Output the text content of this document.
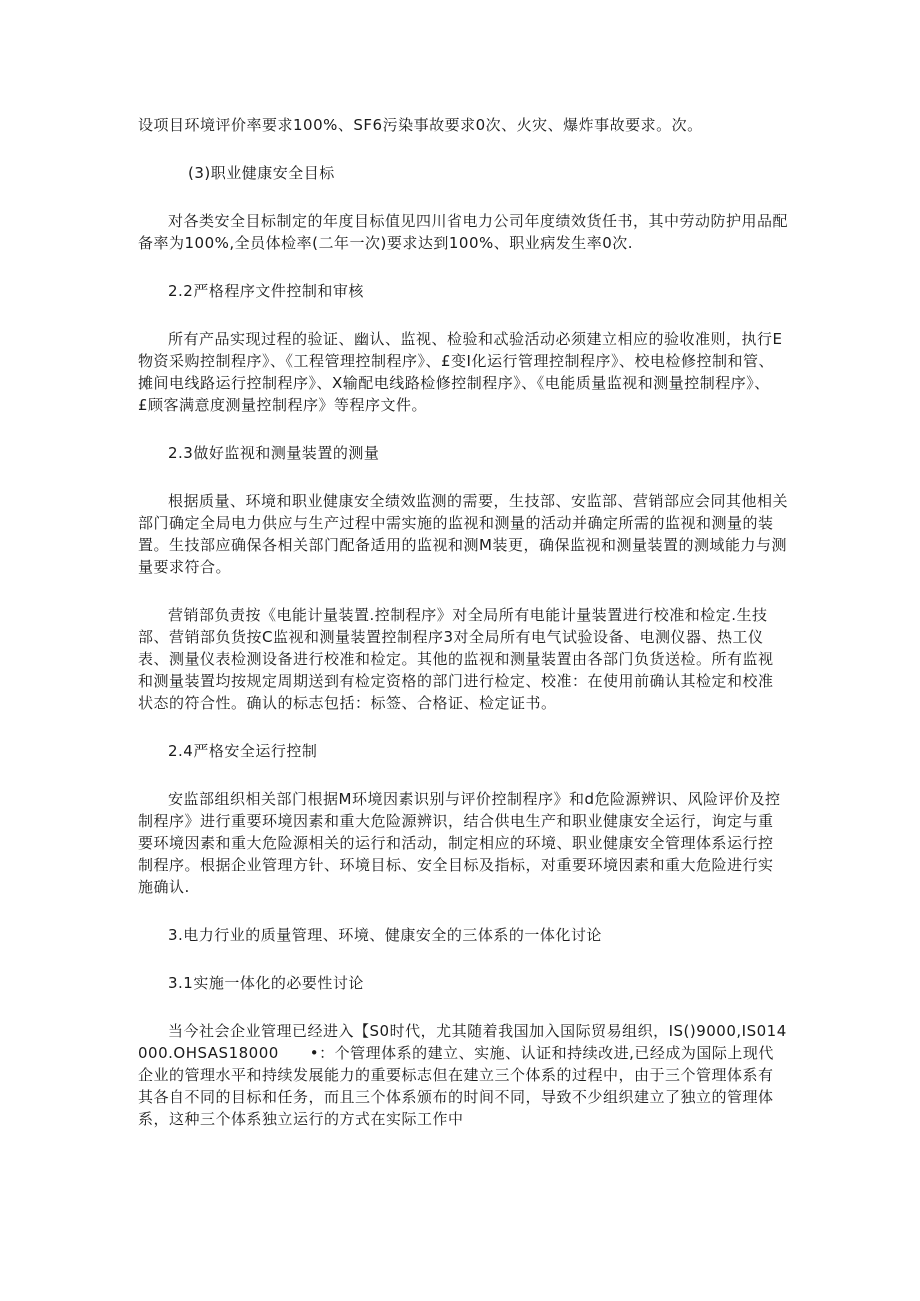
设项目环境评价率要求100%、SF6污染事故要求0次、火灾、爆炸事故要求。次。

(3)职业健康安全目标

对各类安全目标制定的年度目标值见四川省电力公司年度绩效货任书，其中劳动防护用品配备率为100%,全员体检率(二年一次)要求达到100%、职业病发生率0次.

2.2严格程序文件控制和审核

所有产品实现过程的验证、幽认、监视、检验和忒验活动必须建立相应的验收准则，执行E物资采购控制程序》、《工程管理控制程序》、£变I化运行管理控制程序》、校电检修控制和管、摊间电线路运行控制程序》、X输配电线路检修控制程序》、《电能质量监视和测量控制程序》、£顾客满意度测量控制程序》等程序文件。

2.3做好监视和测量装置的测量

根据质量、环境和职业健康安全绩效监测的需要，生技部、安监部、营销部应会同其他相关部门确定全局电力供应与生产过程中需实施的监视和测量的活动并确定所需的监视和测量的装置。生技部应确保各相关部门配备适用的监视和测M装更，确保监视和测量装置的测域能力与测量要求符合。

营销部负责按《电能计量装置.控制程序》对全局所有电能计量装置进行校准和检定.生技部、营销部负货按C监视和测量装置控制程序3对全局所有电气试验设备、电测仪器、热工仪表、测量仪表检测设备进行校准和检定。其他的监视和测量装置由各部门负货送检。所有监视和测量装置均按规定周期送到有检定资格的部门进行检定、校准：在使用前确认其检定和校准状态的符合性。确认的标志包括：标签、合格证、检定证书。

2.4严格安全运行控制

安监部组织相关部门根据M环境因素识别与评价控制程序》和d危险源辨识、风险评价及控制程序》进行重要环境因素和重大危险源辨识，结合供电生产和职业健康安全运行，询定与重要环境因素和重大危险源相关的运行和活动，制定相应的环境、职业健康安全管理体系运行控制程序。根据企业管理方针、环境目标、安全目标及指标，对重要环境因素和重大危险进行实施确认.

3.电力行业的质量管理、环境、健康安全的三体系的一体化讨论

3.1实施一体化的必要性讨论

当今社会企业管理已经进入【S0时代，尤其随着我国加入国际贸易组织，IS()9000,IS014000.OHSAS18000　　•：个管理体系的建立、实施、认证和持续改进,已经成为国际上现代企业的管理水平和持续发展能力的重要标志但在建立三个体系的过程中，由于三个管理体系有其各自不同的目标和任务，而且三个体系颁布的时间不同，导致不少组织建立了独立的管理体系，这种三个体系独立运行的方式在实际工作中
